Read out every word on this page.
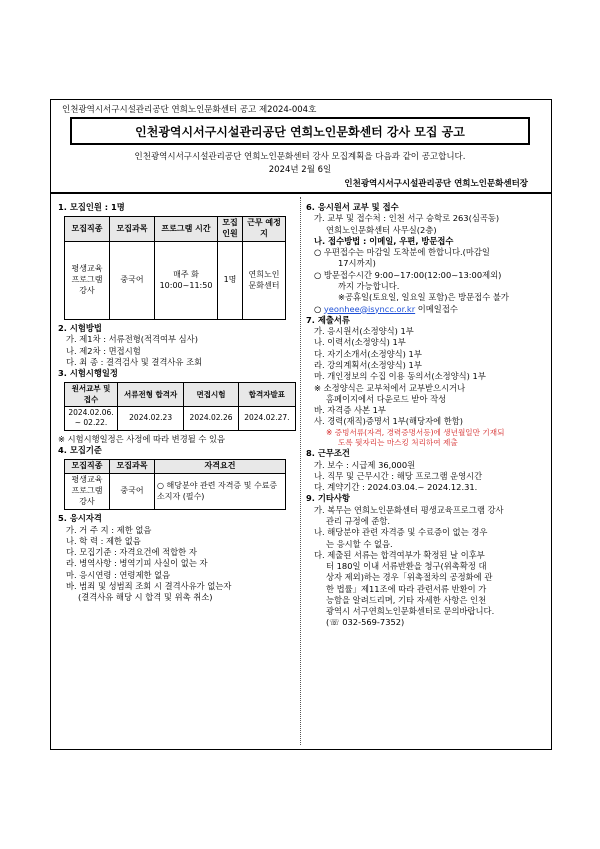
인천광역시서구시설관리공단 연희노인문화센터 공고 제2024-004호
인천광역시서구시설관리공단 연희노인문화센터 강사 모집 공고
인천광역시서구시설관리공단 연희노인문화센터 강사 모집계획을 다음과 같이 공고합니다.
2024년 2월 6일
인천광역시서구시설관리공단 연희노인문화센터장

1. 모집인원 : 1명

모집직종	모집과목	프로그램 시간	모집 인원	근무 예정지
평생교육 프로그램 강사	중국어	매주 화 10:00~11:50	1명	연희노인 문화센터

2. 시험방법

가. 제1차 : 서류전형(적격여부 심사)

나. 제2차 : 면접시험

다. 최 종 : 결격검사 및 결격사유 조회

3. 시험시행일정

원서교부 및 접수	서류전형 합격자	면접시험	합격자발표
2024.02.06. ~ 02.22.	2024.02.23	2024.02.26	2024.02.27.

※ 시험시행일정은 사정에 따라 변경될 수 있음

4. 모집기준

모집직종	모집과목	자격요건
평생교육 프로그램 강사	중국어	○ 해당분야 관련 자격증 및 수료증 소지자 (필수)

5. 응시자격

가. 거 주 지 : 제한 없음

나. 학 력 : 제한 없음

다. 모집기준 : 자격요건에 적합한 자

라. 병역사항 : 병역기피 사실이 없는 자

마. 응시연령 : 연령제한 없음

바. 범죄 및 성범죄 조회 시 결격사유가 없는자

(결격사유 해당 시 합격 및 위촉 취소)

6. 응시원서 교부 및 접수

가. 교부 및 접수처 : 인천 서구 승학로 263(심곡동)

연희노인문화센터 사무실(2층)

나. 접수방법 : 이메일, 우편, 방문접수

○ 우편접수는 마감일 도착분에 한합니다.(마감일

17시까지)

○ 방문접수시간 9:00~17:00(12:00~13:00제외)

까지 가능합니다.

※공휴일(토요일, 일요일 포함)은 방문접수 불가

○ yeonhee@isyncc.or.kr 이메일접수

7. 제출서류

가. 응시원서(소정양식) 1부

나. 이력서(소정양식) 1부

다. 자기소개서(소정양식) 1부

라. 강의계획서(소정양식) 1부

마. 개인정보의 수집 이용 동의서(소정양식) 1부

※ 소정양식은 교부처에서 교부받으시거나

홈페이지에서 다운로드 받아 작성

바. 자격증 사본 1부

사. 경력(재직)증명서 1부(해당자에 한함)

※ 증빙서류(자격, 경력증명서등)에 생년월일만 기재되

도록 뒷자리는 마스킹 처리하여 제출

8. 근무조건

가. 보수 : 시급제 36,000원

나. 직무 및 근무시간 : 해당 프로그램 운영시간

다. 계약기간 : 2024.03.04.~ 2024.12.31.

9. 기타사항

가. 복무는 연희노인문화센터 평생교육프로그램 강사

관리 규정에 준함.

나. 해당분야 관련 자격증 및 수료증이 없는 경우

는 응시할 수 없음.

다. 제출된 서류는 합격여부가 확정된 날 이후부

터 180일 이내 서류반환을 청구(위촉확정 대

상자 제외)하는 경우「위촉절차의 공정화에 관

한 법률」제11조에 따라 관련서류 반환이 가

능함을 알려드리며, 기타 자세한 사항은 인천

광역시 서구연희노인문화센터로 문의바랍니다.

(☏ 032-569-7352)
